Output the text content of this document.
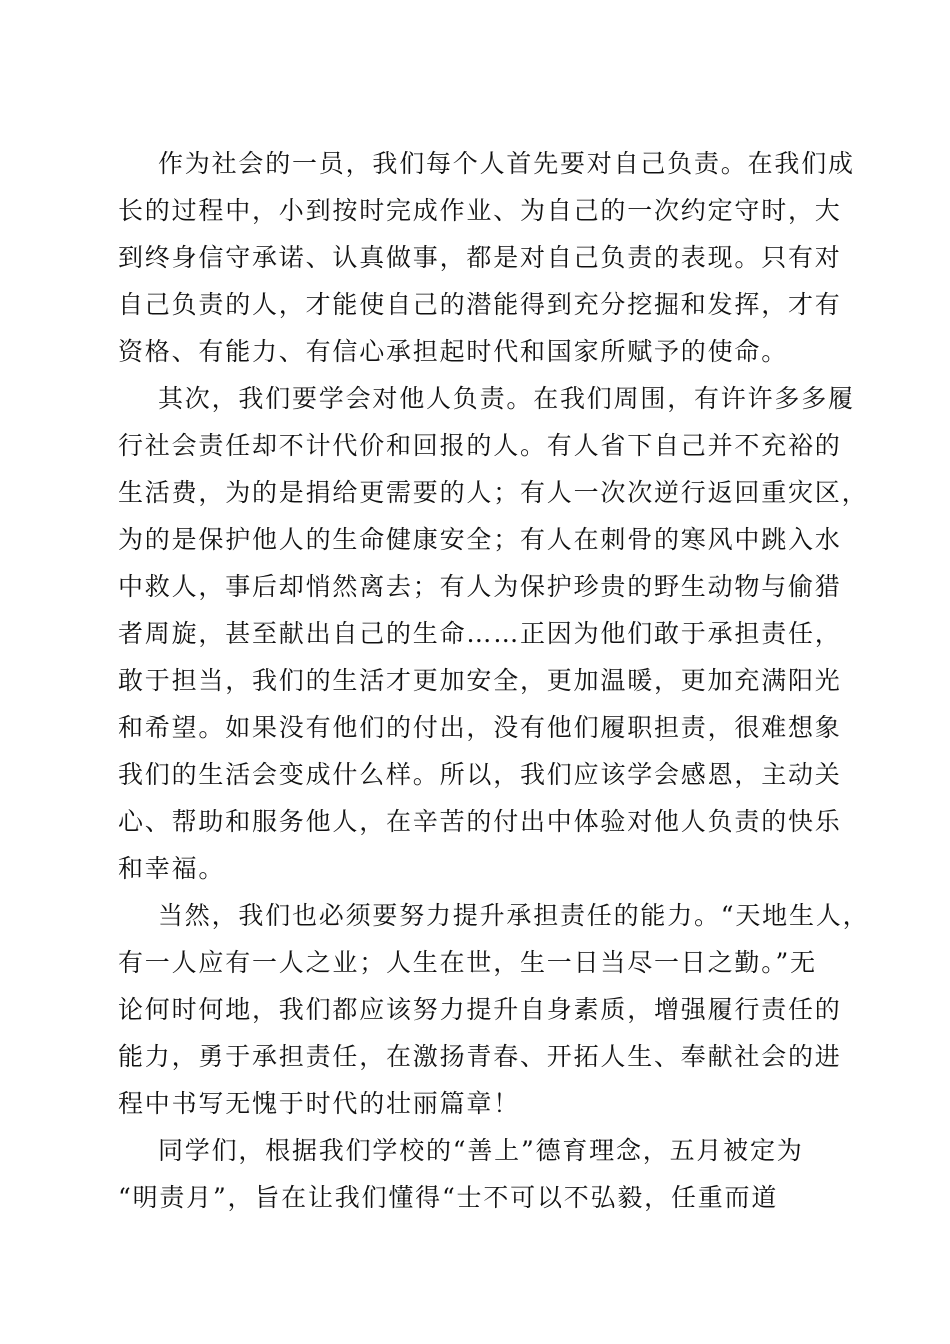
作为社会的一员，我们每个人首先要对自己负责。在我们成
长的过程中，小到按时完成作业、为自己的一次约定守时，大
到终身信守承诺、认真做事，都是对自己负责的表现。只有对
自己负责的人，才能使自己的潜能得到充分挖掘和发挥，才有
资格、有能力、有信心承担起时代和国家所赋予的使命。
其次，我们要学会对他人负责。在我们周围，有许许多多履
行社会责任却不计代价和回报的人。有人省下自己并不充裕的
生活费，为的是捐给更需要的人；有人一次次逆行返回重灾区，
为的是保护他人的生命健康安全；有人在刺骨的寒风中跳入水
中救人，事后却悄然离去；有人为保护珍贵的野生动物与偷猎
者周旋，甚至献出自己的生命……正因为他们敢于承担责任，
敢于担当，我们的生活才更加安全，更加温暖，更加充满阳光
和希望。如果没有他们的付出，没有他们履职担责，很难想象
我们的生活会变成什么样。所以，我们应该学会感恩，主动关
心、帮助和服务他人，在辛苦的付出中体验对他人负责的快乐
和幸福。
当然，我们也必须要努力提升承担责任的能力。“天地生人，
有一人应有一人之业；人生在世，生一日当尽一日之勤。”无
论何时何地，我们都应该努力提升自身素质，增强履行责任的
能力，勇于承担责任，在激扬青春、开拓人生、奉献社会的进
程中书写无愧于时代的壮丽篇章！
同学们，根据我们学校的“善上”德育理念，五月被定为
“明责月”，旨在让我们懂得“士不可以不弘毅，任重而道
